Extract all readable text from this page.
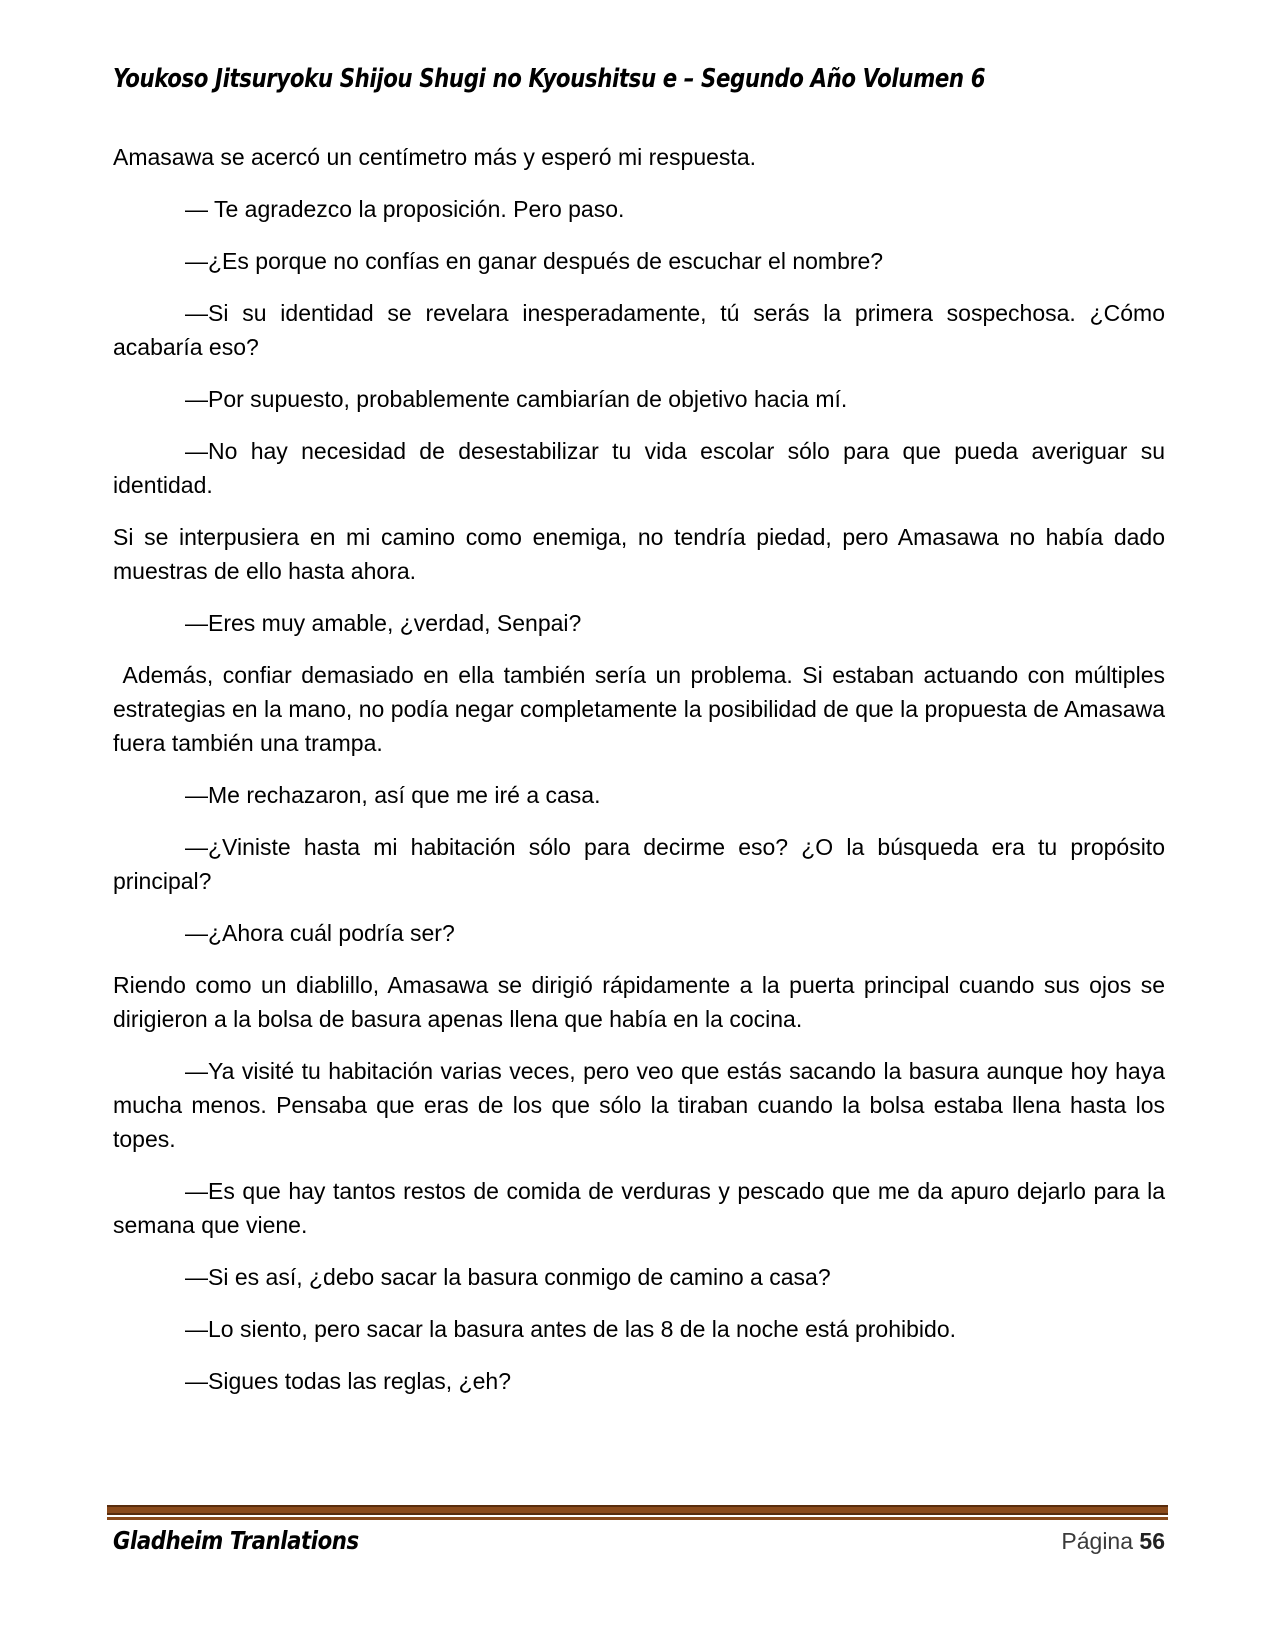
Youkoso Jitsuryoku Shijou Shugi no Kyoushitsu e – Segundo Año Volumen 6

Amasawa se acercó un centímetro más y esperó mi respuesta.

— Te agradezco la proposición. Pero paso.

—¿Es porque no confías en ganar después de escuchar el nombre?

—Si su identidad se revelara inesperadamente, tú serás la primera sospechosa. ¿Cómo acabaría eso?

—Por supuesto, probablemente cambiarían de objetivo hacia mí.

—No hay necesidad de desestabilizar tu vida escolar sólo para que pueda averiguar su identidad.

Si se interpusiera en mi camino como enemiga, no tendría piedad, pero Amasawa no había dado muestras de ello hasta ahora.

—Eres muy amable, ¿verdad, Senpai?

Además, confiar demasiado en ella también sería un problema. Si estaban actuando con múltiples estrategias en la mano, no podía negar completamente la posibilidad de que la propuesta de Amasawa fuera también una trampa.

—Me rechazaron, así que me iré a casa.

—¿Viniste hasta mi habitación sólo para decirme eso? ¿O la búsqueda era tu propósito principal?

—¿Ahora cuál podría ser?

Riendo como un diablillo, Amasawa se dirigió rápidamente a la puerta principal cuando sus ojos se dirigieron a la bolsa de basura apenas llena que había en la cocina.

—Ya visité tu habitación varias veces, pero veo que estás sacando la basura aunque hoy haya mucha menos. Pensaba que eras de los que sólo la tiraban cuando la bolsa estaba llena hasta los topes.

—Es que hay tantos restos de comida de verduras y pescado que me da apuro dejarlo para la semana que viene.

—Si es así, ¿debo sacar la basura conmigo de camino a casa?

—Lo siento, pero sacar la basura antes de las 8 de la noche está prohibido.

—Sigues todas las reglas, ¿eh?

Gladheim Tranlations	Página 56
